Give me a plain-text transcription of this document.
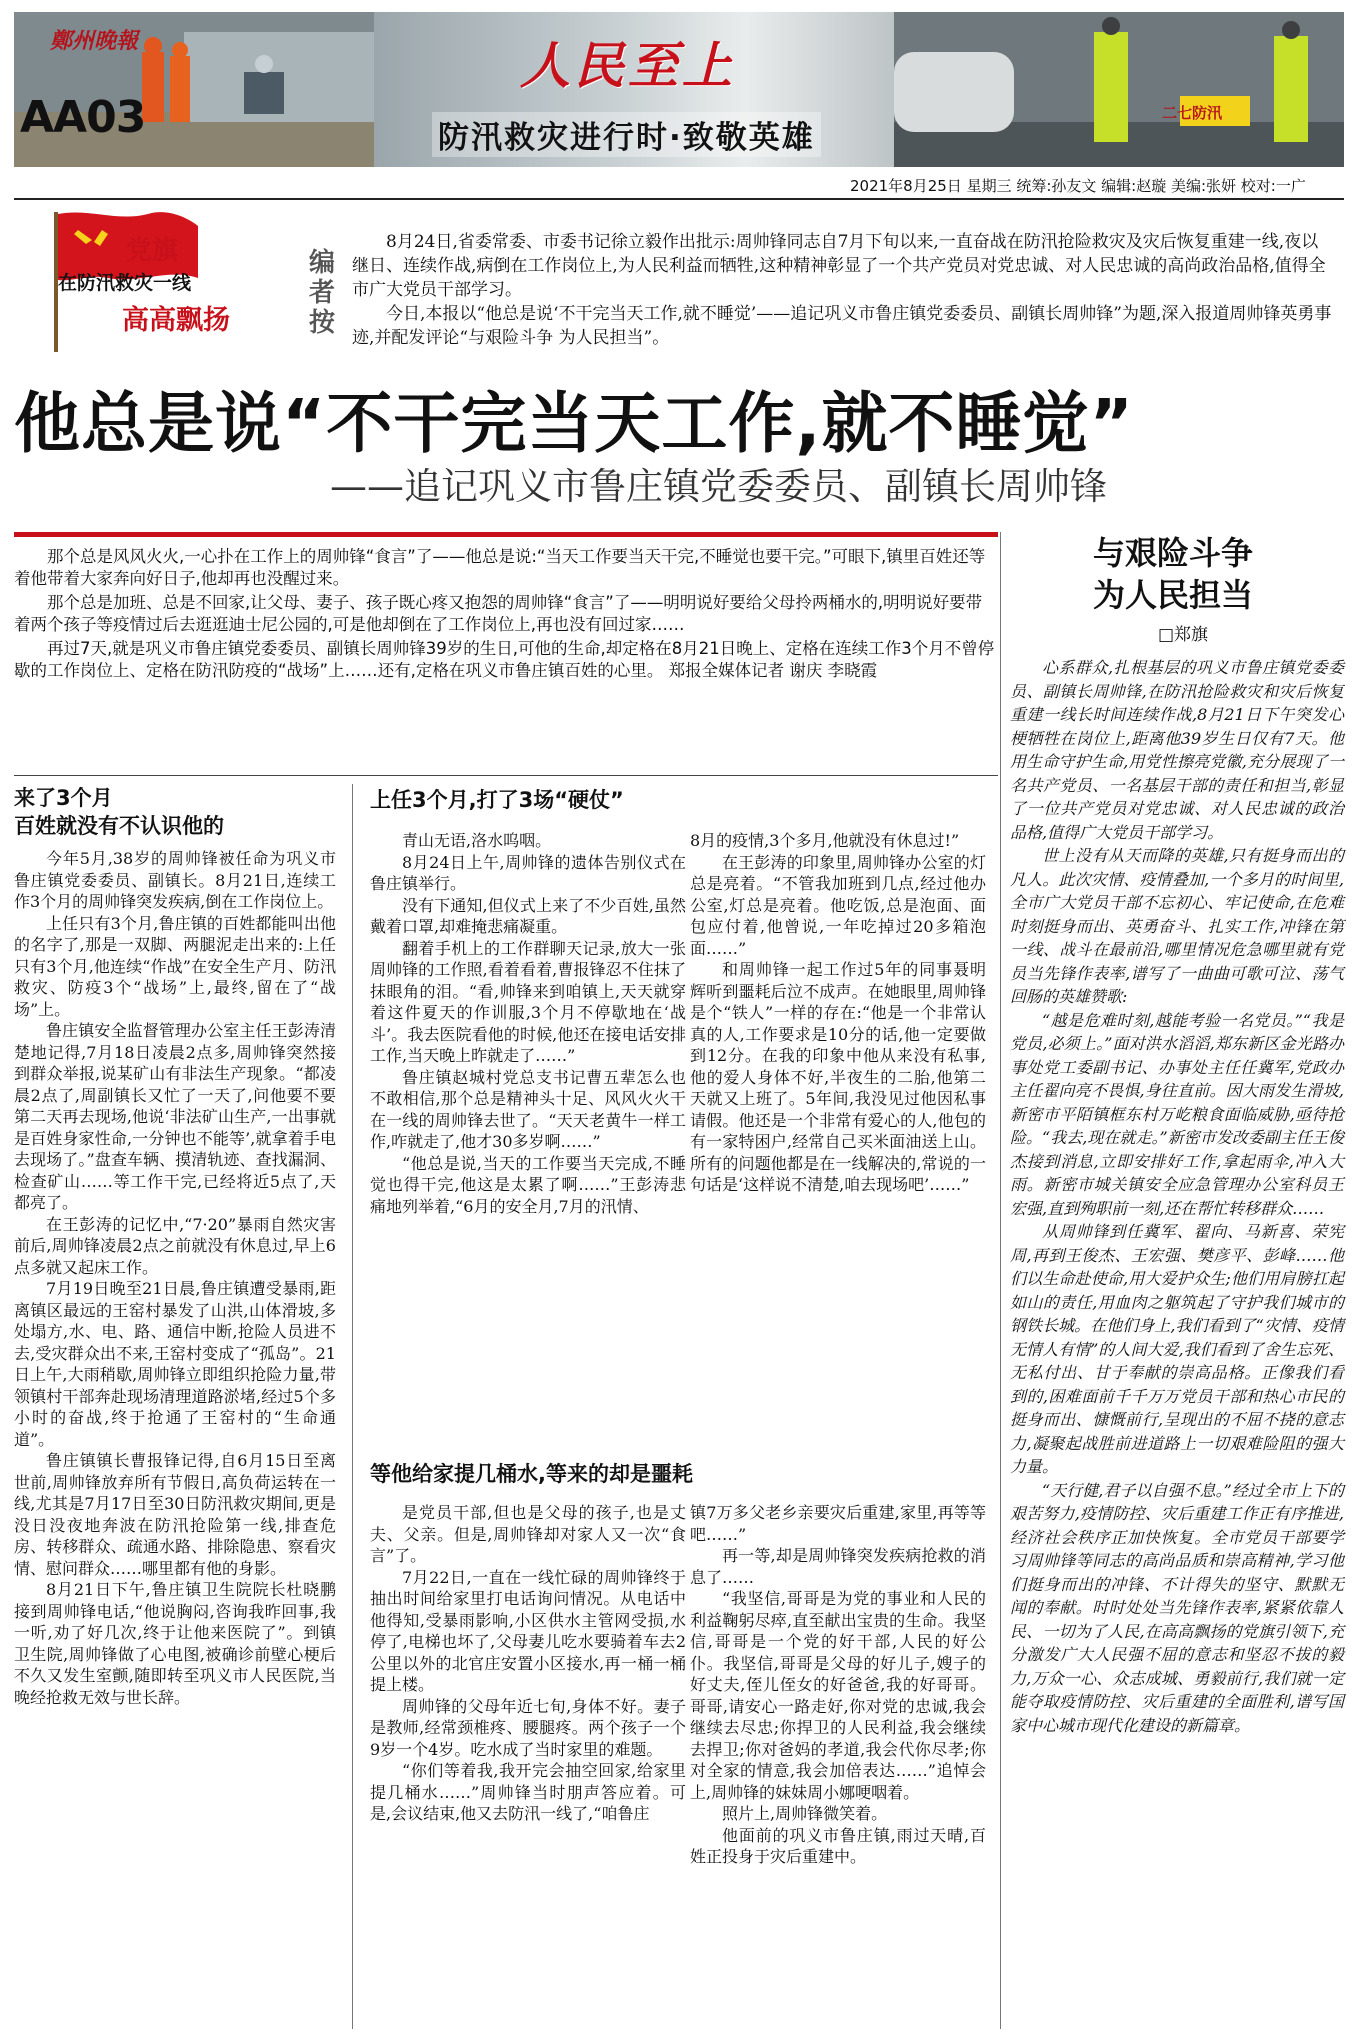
鄭州晚報
AA03
人民至上
防汛救灾进行时·致敬英雄
二七防汛
2021年8月25日 星期三 统筹:孙友文 编辑:赵璇 美编:张妍 校对:一广
党旗
在防汛救灾一线
高高飘扬
编者按

8月24日,省委常委、市委书记徐立毅作出批示:周帅锋同志自7月下旬以来,一直奋战在防汛抢险救灾及灾后恢复重建一线,夜以继日、连续作战,病倒在工作岗位上,为人民利益而牺牲,这种精神彰显了一个共产党员对党忠诚、对人民忠诚的高尚政治品格,值得全市广大党员干部学习。

今日,本报以“他总是说‘不干完当天工作,就不睡觉’——追记巩义市鲁庄镇党委委员、副镇长周帅锋”为题,深入报道周帅锋英勇事迹,并配发评论“与艰险斗争 为人民担当”。

他总是说“不干完当天工作,就不睡觉”
——追记巩义市鲁庄镇党委委员、副镇长周帅锋

那个总是风风火火,一心扑在工作上的周帅锋“食言”了——他总是说:“当天工作要当天干完,不睡觉也要干完。”可眼下,镇里百姓还等着他带着大家奔向好日子,他却再也没醒过来。

那个总是加班、总是不回家,让父母、妻子、孩子既心疼又抱怨的周帅锋“食言”了——明明说好要给父母拎两桶水的,明明说好要带着两个孩子等疫情过后去逛逛迪士尼公园的,可是他却倒在了工作岗位上,再也没有回过家……

再过7天,就是巩义市鲁庄镇党委委员、副镇长周帅锋39岁的生日,可他的生命,却定格在8月21日晚上、定格在连续工作3个月不曾停歇的工作岗位上、定格在防汛防疫的“战场”上……还有,定格在巩义市鲁庄镇百姓的心里。 郑报全媒体记者 谢庆 李晓霞

来了3个月
百姓就没有不认识他的

今年5月,38岁的周帅锋被任命为巩义市鲁庄镇党委委员、副镇长。8月21日,连续工作3个月的周帅锋突发疾病,倒在工作岗位上。

上任只有3个月,鲁庄镇的百姓都能叫出他的名字了,那是一双脚、两腿泥走出来的:上任只有3个月,他连续“作战”在安全生产月、防汛救灾、防疫3个“战场”上,最终,留在了“战场”上。

鲁庄镇安全监督管理办公室主任王彭涛清楚地记得,7月18日凌晨2点多,周帅锋突然接到群众举报,说某矿山有非法生产现象。“都凌晨2点了,周副镇长又忙了一天了,问他要不要第二天再去现场,他说‘非法矿山生产,一出事就是百姓身家性命,一分钟也不能等’,就拿着手电去现场了。”盘查车辆、摸清轨迹、查找漏洞、检查矿山……等工作干完,已经将近5点了,天都亮了。

在王彭涛的记忆中,“7·20”暴雨自然灾害前后,周帅锋凌晨2点之前就没有休息过,早上6点多就又起床工作。

7月19日晚至21日晨,鲁庄镇遭受暴雨,距离镇区最远的王窑村暴发了山洪,山体滑坡,多处塌方,水、电、路、通信中断,抢险人员进不去,受灾群众出不来,王窑村变成了“孤岛”。21日上午,大雨稍歇,周帅锋立即组织抢险力量,带领镇村干部奔赴现场清理道路淤堵,经过5个多小时的奋战,终于抢通了王窑村的“生命通道”。

鲁庄镇镇长曹报锋记得,自6月15日至离世前,周帅锋放弃所有节假日,高负荷运转在一线,尤其是7月17日至30日防汛救灾期间,更是没日没夜地奔波在防汛抢险第一线,排查危房、转移群众、疏通水路、排除隐患、察看灾情、慰问群众……哪里都有他的身影。

8月21日下午,鲁庄镇卫生院院长杜晓鹏接到周帅锋电话,“他说胸闷,咨询我昨回事,我一听,劝了好几次,终于让他来医院了”。到镇卫生院,周帅锋做了心电图,被确诊前壁心梗后不久又发生室颤,随即转至巩义市人民医院,当晚经抢救无效与世长辞。

上任3个月,打了3场“硬仗”

青山无语,洛水呜咽。

8月24日上午,周帅锋的遗体告别仪式在鲁庄镇举行。

没有下通知,但仪式上来了不少百姓,虽然戴着口罩,却难掩悲痛凝重。

翻着手机上的工作群聊天记录,放大一张周帅锋的工作照,看着看着,曹报锋忍不住抹了抹眼角的泪。“看,帅锋来到咱镇上,天天就穿着这件夏天的作训服,3个月不停歇地在‘战斗’。我去医院看他的时候,他还在接电话安排工作,当天晚上昨就走了……”

鲁庄镇赵城村党总支书记曹五辈怎么也不敢相信,那个总是精神头十足、风风火火干在一线的周帅锋去世了。“天天老黄牛一样工作,咋就走了,他才30多岁啊……”

“他总是说,当天的工作要当天完成,不睡觉也得干完,他这是太累了啊……”王彭涛悲痛地列举着,“6月的安全月,7月的汛情、

8月的疫情,3个多月,他就没有休息过!”

在王彭涛的印象里,周帅锋办公室的灯总是亮着。“不管我加班到几点,经过他办公室,灯总是亮着。他吃饭,总是泡面、面包应付着,他曾说,一年吃掉过20多箱泡面……”

和周帅锋一起工作过5年的同事聂明辉听到噩耗后泣不成声。在她眼里,周帅锋是个“铁人”一样的存在:“他是一个非常认真的人,工作要求是10分的话,他一定要做到12分。在我的印象中他从来没有私事,他的爱人身体不好,半夜生的二胎,他第二天就又上班了。5年间,我没见过他因私事请假。他还是一个非常有爱心的人,他包的有一家特困户,经常自己买米面油送上山。所有的问题他都是在一线解决的,常说的一句话是‘这样说不清楚,咱去现场吧’……”

等他给家提几桶水,等来的却是噩耗

是党员干部,但也是父母的孩子,也是丈夫、父亲。但是,周帅锋却对家人又一次“食言”了。

7月22日,一直在一线忙碌的周帅锋终于抽出时间给家里打电话询问情况。从电话中他得知,受暴雨影响,小区供水主管网受损,水停了,电梯也坏了,父母妻儿吃水要骑着车去2公里以外的北官庄安置小区接水,再一桶一桶提上楼。

周帅锋的父母年近七旬,身体不好。妻子是教师,经常颈椎疼、腰腿疼。两个孩子一个9岁一个4岁。吃水成了当时家里的难题。

“你们等着我,我开完会抽空回家,给家里提几桶水……”周帅锋当时朋声答应着。可是,会议结束,他又去防汛一线了,“咱鲁庄

镇7万多父老乡亲要灾后重建,家里,再等等吧……”

再一等,却是周帅锋突发疾病抢救的消息了……

“我坚信,哥哥是为党的事业和人民的利益鞠躬尽瘁,直至献出宝贵的生命。我坚信,哥哥是一个党的好干部,人民的好公仆。我坚信,哥哥是父母的好儿子,嫂子的好丈夫,侄儿侄女的好爸爸,我的好哥哥。哥哥,请安心一路走好,你对党的忠诚,我会继续去尽忠;你捍卫的人民利益,我会继续去捍卫;你对爸妈的孝道,我会代你尽孝;你对全家的情意,我会加倍表达……”追悼会上,周帅锋的妹妹周小娜哽咽着。

照片上,周帅锋微笑着。

他面前的巩义市鲁庄镇,雨过天晴,百姓正投身于灾后重建中。

与艰险斗争
为人民担当
□郑旗

心系群众,扎根基层的巩义市鲁庄镇党委委员、副镇长周帅锋,在防汛抢险救灾和灾后恢复重建一线长时间连续作战,8月21日下午突发心梗牺牲在岗位上,距离他39岁生日仅有7天。他用生命守护生命,用党性擦亮党徽,充分展现了一名共产党员、一名基层干部的责任和担当,彰显了一位共产党员对党忠诚、对人民忠诚的政治品格,值得广大党员干部学习。

世上没有从天而降的英雄,只有挺身而出的凡人。此次灾情、疫情叠加,一个多月的时间里,全市广大党员干部不忘初心、牢记使命,在危难时刻挺身而出、英勇奋斗、扎实工作,冲锋在第一线、战斗在最前沿,哪里情况危急哪里就有党员当先锋作表率,谱写了一曲曲可歌可泣、荡气回肠的英雄赞歌:

“越是危难时刻,越能考验一名党员。”“我是党员,必须上。”面对洪水滔滔,郑东新区金光路办事处党工委副书记、办事处主任任冀军,党政办主任翟向亮不畏惧,身往直前。因大雨发生滑坡,新密市平陌镇框东村万屹粮食面临威胁,亟待抢险。“我去,现在就走。”新密市发改委副主任王俊杰接到消息,立即安排好工作,拿起雨伞,冲入大雨。新密市城关镇安全应急管理办公室科员王宏强,直到殉职前一刻,还在帮忙转移群众……

从周帅锋到任冀军、翟向、马新喜、荣宪周,再到王俊杰、王宏强、樊彦平、彭峰……他们以生命赴使命,用大爱护众生;他们用肩膀扛起如山的责任,用血肉之躯筑起了守护我们城市的钢铁长城。在他们身上,我们看到了“灾情、疫情无情人有情”的人间大爱,我们看到了舍生忘死、无私付出、甘于奉献的崇高品格。正像我们看到的,困难面前千千万万党员干部和热心市民的挺身而出、慷慨前行,呈现出的不屈不挠的意志力,凝聚起战胜前进道路上一切艰难险阻的强大力量。

“天行健,君子以自强不息。”经过全市上下的艰苦努力,疫情防控、灾后重建工作正有序推进,经济社会秩序正加快恢复。全市党员干部要学习周帅锋等同志的高尚品质和崇高精神,学习他们挺身而出的冲锋、不计得失的坚守、默默无闻的奉献。时时处处当先锋作表率,紧紧依靠人民、一切为了人民,在高高飘扬的党旗引领下,充分激发广大人民强不屈的意志和坚忍不拔的毅力,万众一心、众志成城、勇毅前行,我们就一定能夺取疫情防控、灾后重建的全面胜利,谱写国家中心城市现代化建设的新篇章。
